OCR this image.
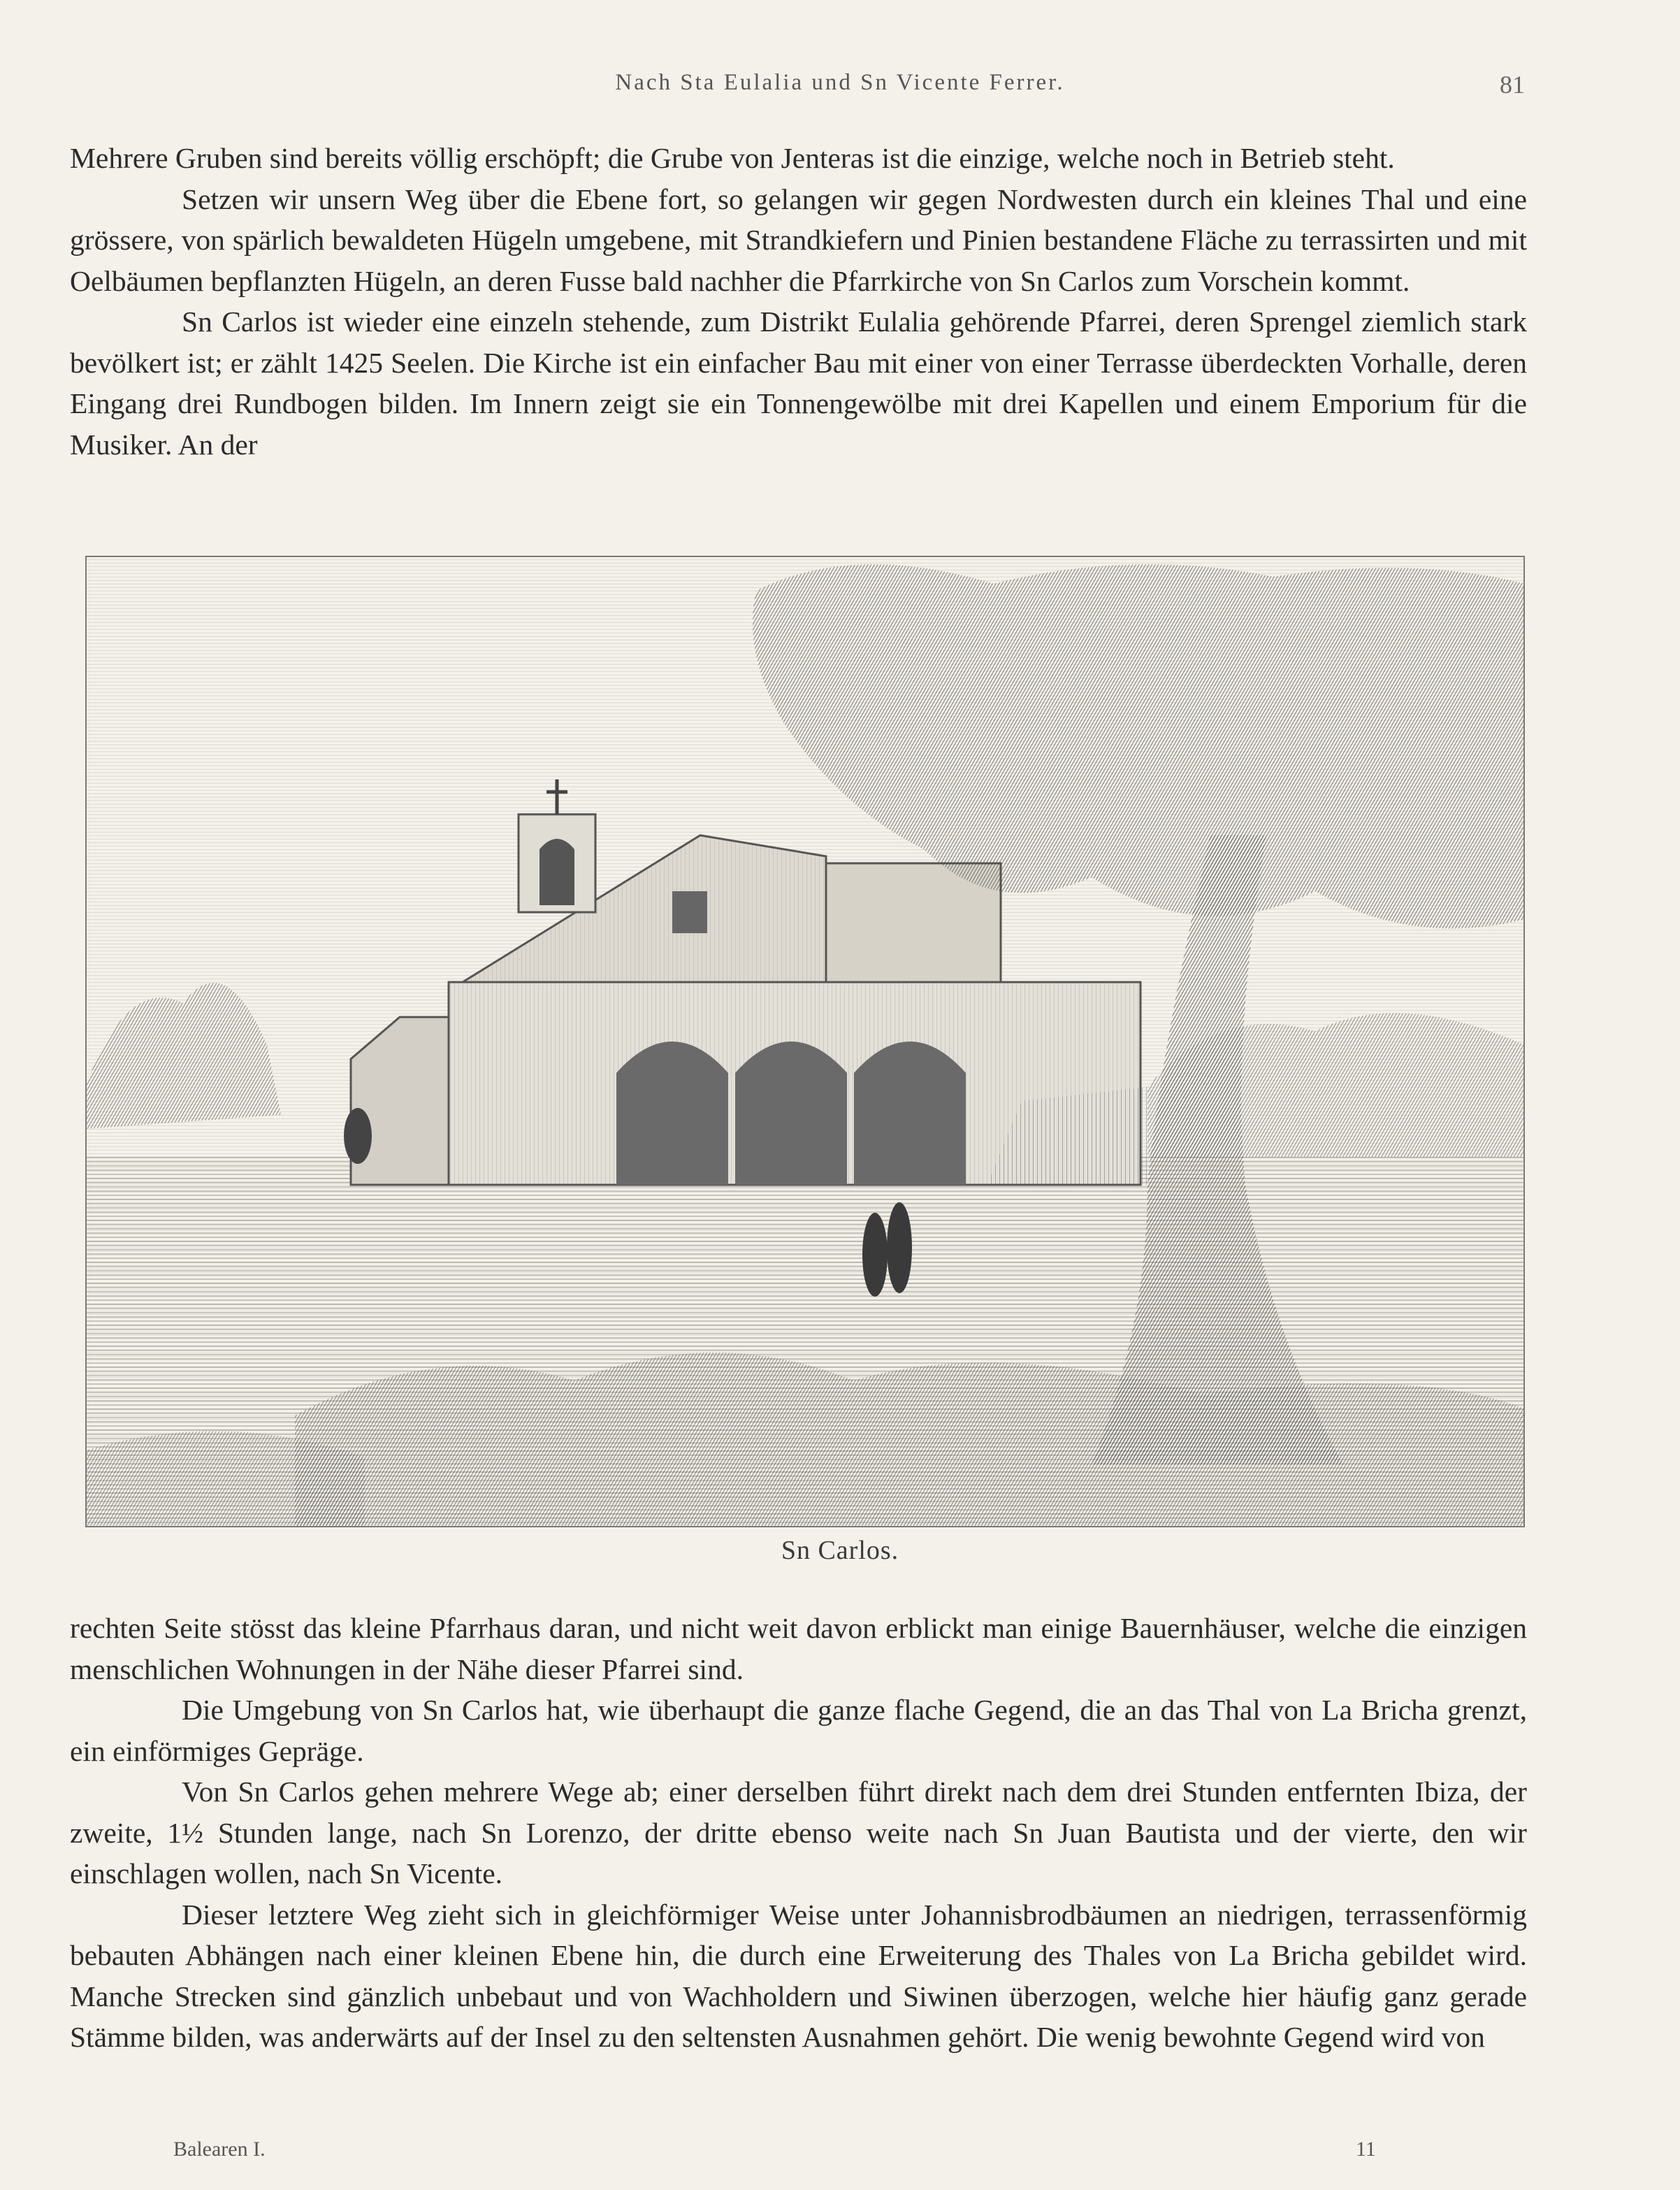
Nach Sta Eulalia und Sn Vicente Ferrer.	81

Mehrere Gruben sind bereits völlig erschöpft; die Grube von Jenteras ist die einzige, welche noch in Betrieb steht.

Setzen wir unsern Weg über die Ebene fort, so gelangen wir gegen Nordwesten durch ein kleines Thal und eine grössere, von spärlich bewaldeten Hügeln umgebene, mit Strandkiefern und Pinien bestandene Fläche zu terrassirten und mit Oelbäumen bepflanzten Hügeln, an deren Fusse bald nachher die Pfarrkirche von Sn Carlos zum Vorschein kommt.

Sn Carlos ist wieder eine einzeln stehende, zum Distrikt Eulalia gehörende Pfarrei, deren Sprengel ziemlich stark bevölkert ist; er zählt 1425 Seelen. Die Kirche ist ein einfacher Bau mit einer von einer Terrasse überdeckten Vorhalle, deren Eingang drei Rundbogen bilden. Im Innern zeigt sie ein Tonnengewölbe mit drei Kapellen und einem Emporium für die Musiker. An der

Sn Carlos.

rechten Seite stösst das kleine Pfarrhaus daran, und nicht weit davon erblickt man einige Bauernhäuser, welche die einzigen menschlichen Wohnungen in der Nähe dieser Pfarrei sind.

Die Umgebung von Sn Carlos hat, wie überhaupt die ganze flache Gegend, die an das Thal von La Bricha grenzt, ein einförmiges Gepräge.

Von Sn Carlos gehen mehrere Wege ab; einer derselben führt direkt nach dem drei Stunden entfernten Ibiza, der zweite, 1½ Stunden lange, nach Sn Lorenzo, der dritte ebenso weite nach Sn Juan Bautista und der vierte, den wir einschlagen wollen, nach Sn Vicente.

Dieser letztere Weg zieht sich in gleichförmiger Weise unter Johannisbrodbäumen an niedrigen, terrassenförmig bebauten Abhängen nach einer kleinen Ebene hin, die durch eine Erweiterung des Thales von La Bricha gebildet wird. Manche Strecken sind gänzlich unbebaut und von Wachholdern und Siwinen überzogen, welche hier häufig ganz gerade Stämme bilden, was anderwärts auf der Insel zu den seltensten Ausnahmen gehört. Die wenig bewohnte Gegend wird von

Balearen I.	11
